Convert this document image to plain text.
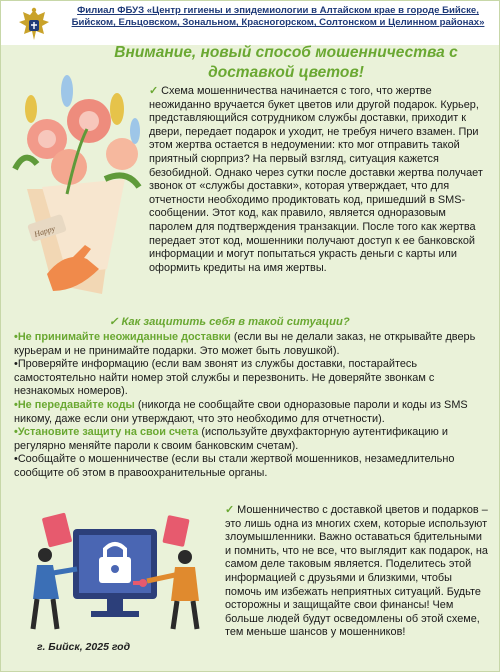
Филиал ФБУЗ «Центр гигиены и эпидемиологии в Алтайском крае в городе Бийске,
Бийском, Ельцовском, Зональном, Красногорском, Солтонском и Целинном районах»
Внимание, новый способ мошенничества с
доставкой цветов!
Happy
✓ Схема мошенничества начинается с того, что жертве неожиданно вручается букет цветов или другой подарок. Курьер, представляющийся сотрудником службы доставки, приходит к двери, передает подарок и уходит, не требуя ничего взамен. При этом жертва остается в недоумении: кто мог отправить такой приятный сюрприз? На первый взгляд, ситуация кажется безобидной. Однако через сутки после доставки жертва получает звонок от «службы доставки», которая утверждает, что для отчетности необходимо продиктовать код, пришедший в SMS-сообщении. Этот код, как правило, является одноразовым паролем для подтверждения транзакции. После того как жертва передает этот код, мошенники получают доступ к ее банковской информации и могут попытаться украсть деньги с карты или оформить кредиты на имя жертвы.
✓ Как защитить себя в такой ситуации?

•Не принимайте неожиданные доставки (если вы не делали заказ, не открывайте дверь курьерам и не принимайте подарки. Это может быть ловушкой).

•Проверяйте информацию (если вам звонят из службы доставки, постарайтесь самостоятельно найти номер этой службы и перезвонить. Не доверяйте звонкам с незнакомых номеров).

•Не передавайте коды (никогда не сообщайте свои одноразовые пароли и коды из SMS никому, даже если они утверждают, что это необходимо для отчетности).

•Установите защиту на свои счета (используйте двухфакторную аутентификацию и регулярно меняйте пароли к своим банковским счетам).

•Сообщайте о мошенничестве (если вы стали жертвой мошенников, незамедлительно сообщите об этом в правоохранительные органы.

✓ Мошенничество с доставкой цветов и подарков – это лишь одна из многих схем, которые используют злоумышленники. Важно оставаться бдительными и помнить, что не все, что выглядит как подарок, на самом деле таковым является. Поделитесь этой информацией с друзьями и близкими, чтобы помочь им избежать неприятных ситуаций. Будьте осторожны и защищайте свои финансы! Чем больше людей будут осведомлены об этой схеме, тем меньше шансов у мошенников!
г. Бийск, 2025 год
